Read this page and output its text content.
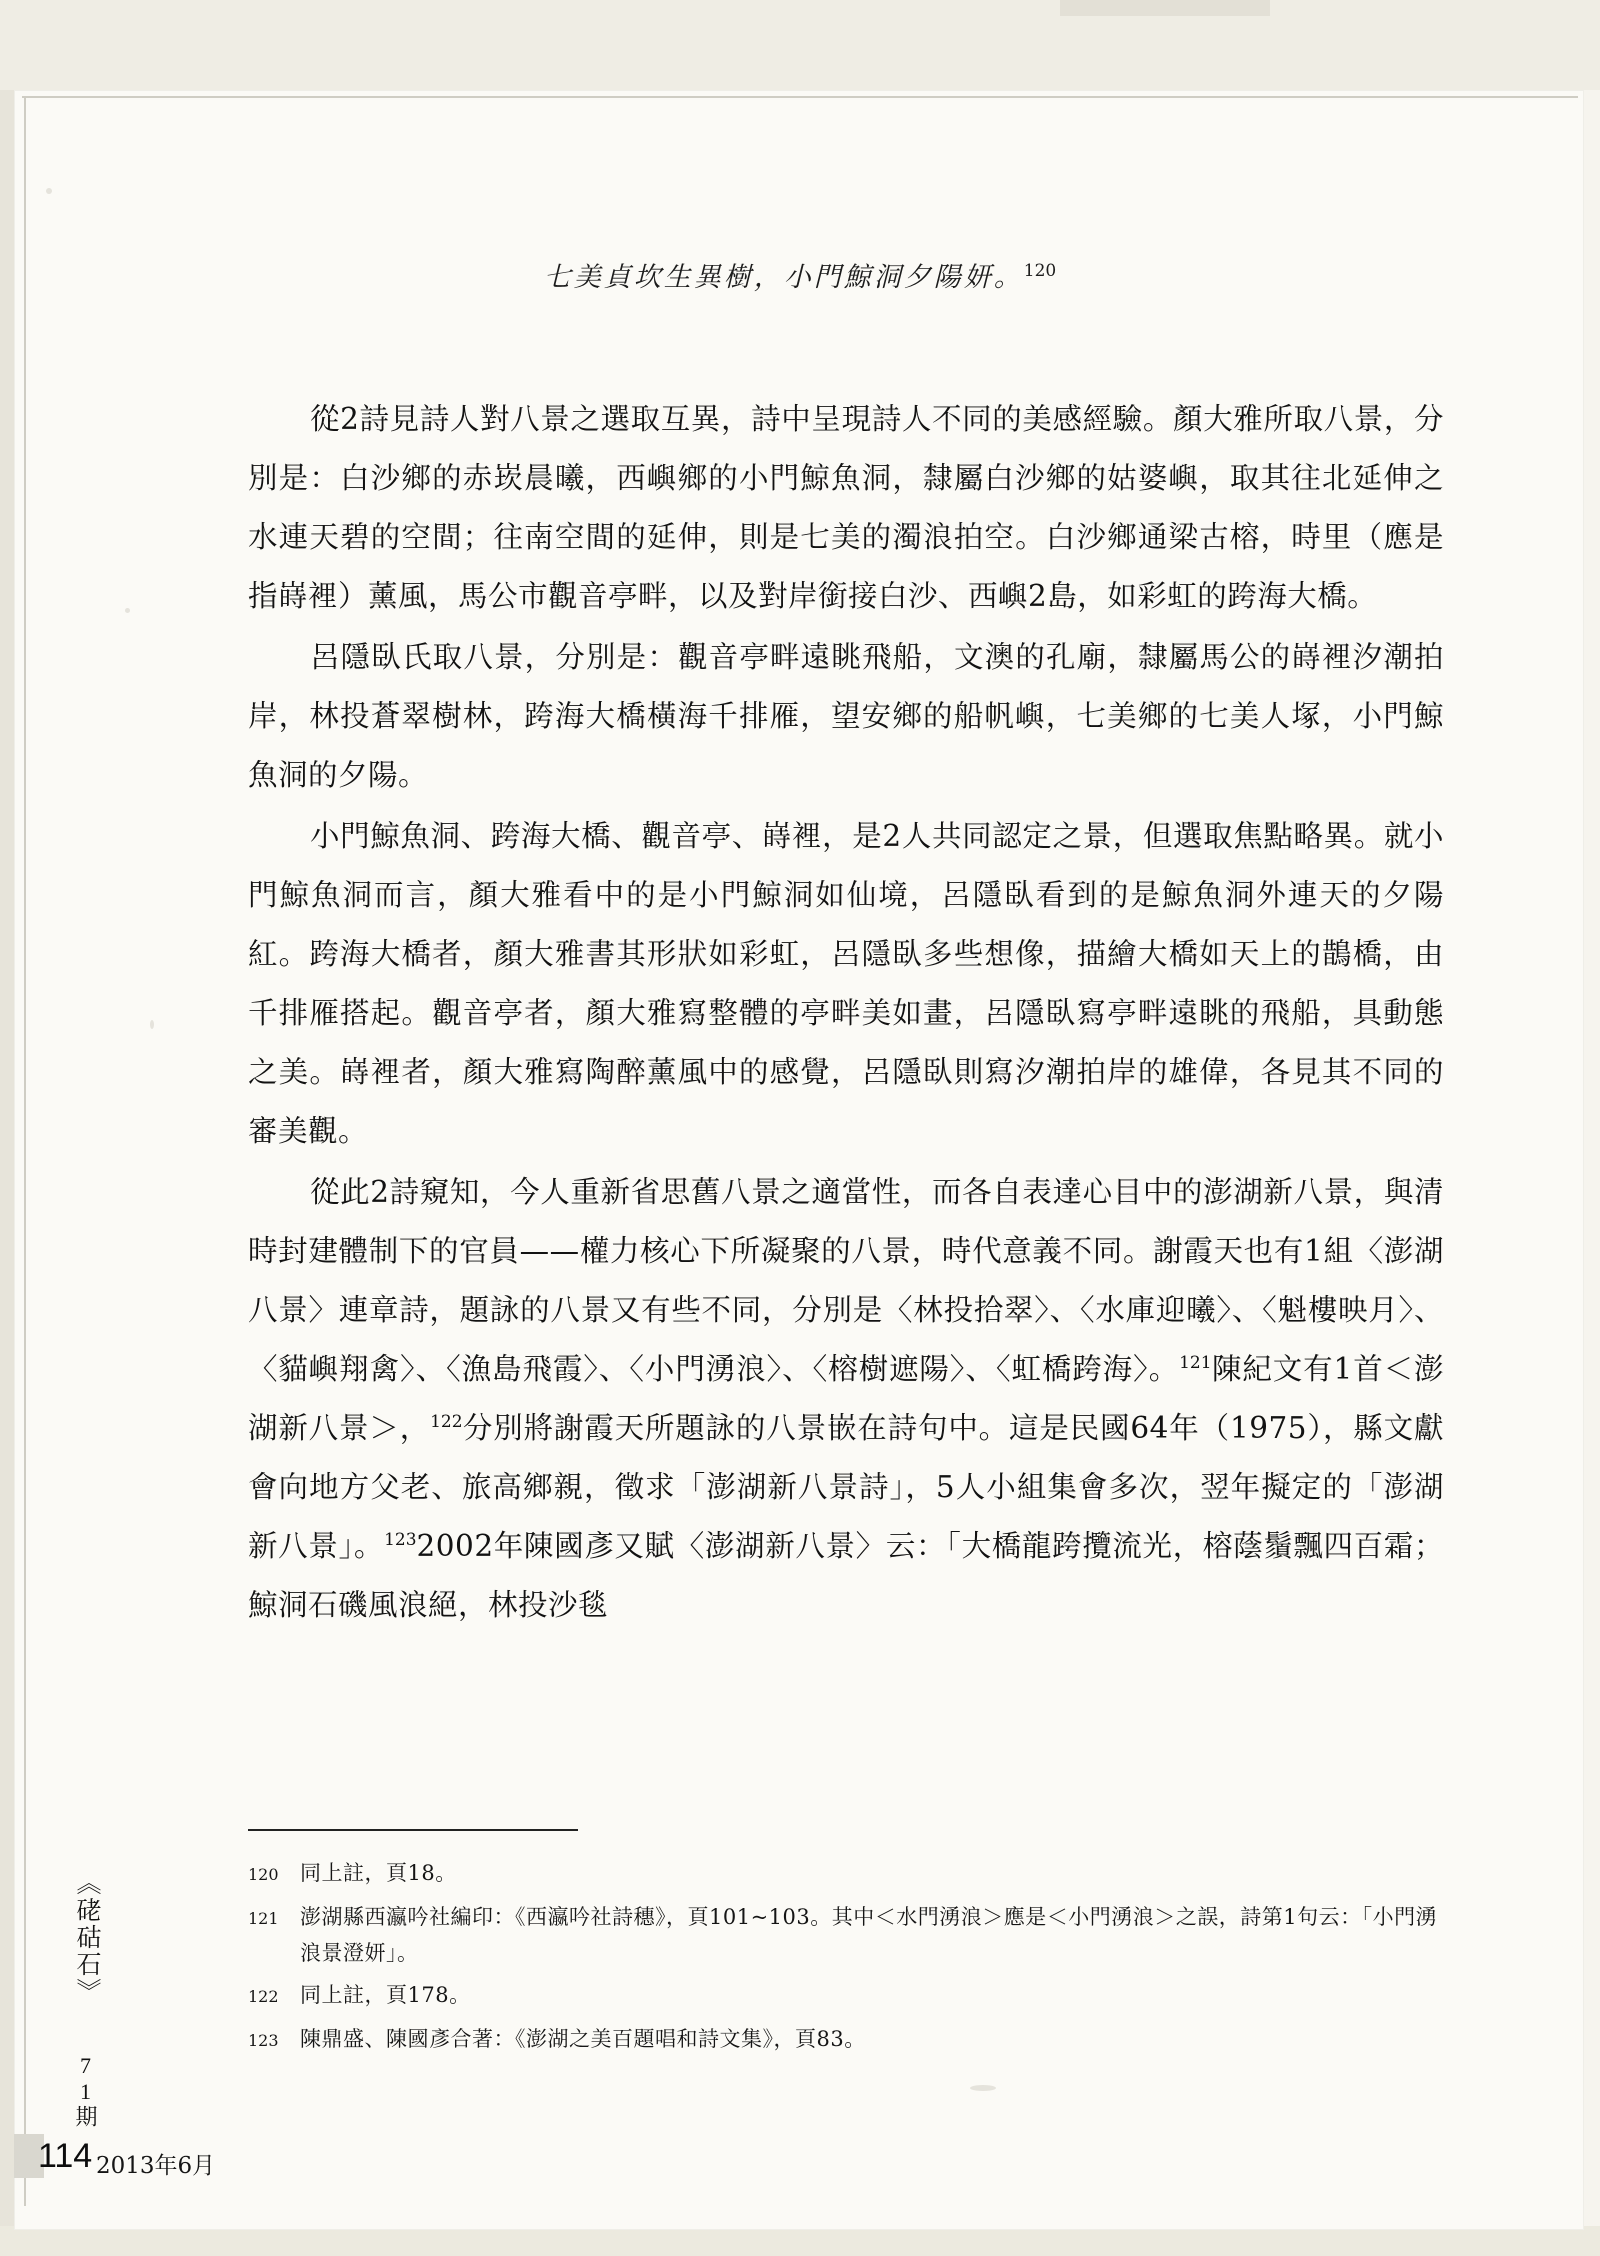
七美貞坎生異樹，小門鯨洞夕陽妍。$^{120}$

從2詩見詩人對八景之選取互異，詩中呈現詩人不同的美感經驗。顏大雅所取八景，分別是：白沙鄉的赤崁晨曦，西嶼鄉的小門鯨魚洞，隸屬白沙鄉的姑婆嶼，取其往北延伸之水連天碧的空間；往南空間的延伸，則是七美的濁浪拍空。白沙鄉通梁古榕，時里（應是指嵵裡）薰風，馬公市觀音亭畔，以及對岸銜接白沙、西嶼2島，如彩虹的跨海大橋。

呂隱臥氏取八景，分別是：觀音亭畔遠眺飛船，文澳的孔廟，隸屬馬公的嵵裡汐潮拍岸，林投蒼翠樹林，跨海大橋橫海千排雁，望安鄉的船帆嶼，七美鄉的七美人塚，小門鯨魚洞的夕陽。

小門鯨魚洞、跨海大橋、觀音亭、嵵裡，是2人共同認定之景，但選取焦點略異。就小門鯨魚洞而言，顏大雅看中的是小門鯨洞如仙境，呂隱臥看到的是鯨魚洞外連天的夕陽紅。跨海大橋者，顏大雅書其形狀如彩虹，呂隱臥多些想像，描繪大橋如天上的鵲橋，由千排雁搭起。觀音亭者，顏大雅寫整體的亭畔美如畫，呂隱臥寫亭畔遠眺的飛船，具動態之美。嵵裡者，顏大雅寫陶醉薰風中的感覺，呂隱臥則寫汐潮拍岸的雄偉，各見其不同的審美觀。

從此2詩窺知，今人重新省思舊八景之適當性，而各自表達心目中的澎湖新八景，與清時封建體制下的官員——權力核心下所凝聚的八景，時代意義不同。謝霞天也有1組〈澎湖八景〉連章詩，題詠的八景又有些不同，分別是〈林投拾翠〉、〈水庫迎曦〉、〈魁樓映月〉、〈貓嶼翔禽〉、〈漁島飛霞〉、〈小門湧浪〉、〈榕樹遮陽〉、〈虹橋跨海〉。$^{121}$陳紀文有1首＜澎湖新八景＞，$^{122}$分別將謝霞天所題詠的八景嵌在詩句中。這是民國64年（1975），縣文獻會向地方父老、旅高鄉親，徵求「澎湖新八景詩」，5人小組集會多次，翌年擬定的「澎湖新八景」。$^{123}$2002年陳國彥又賦〈澎湖新八景〉云：「大橋龍跨攬流光，榕蔭鬚飄四百霜；鯨洞石磯風浪絕，林投沙毯

120	同上註，頁18。
121	澎湖縣西瀛吟社編印：《西瀛吟社詩穗》，頁101~103。其中＜水門湧浪＞應是＜小門湧浪＞之誤，詩第1句云：「小門湧浪景澄妍」。
122	同上註，頁178。
123	陳鼎盛、陳國彥合著：《澎湖之美百題唱和詩文集》，頁83。
《硓𥑮石》
71期
114 2013年6月
